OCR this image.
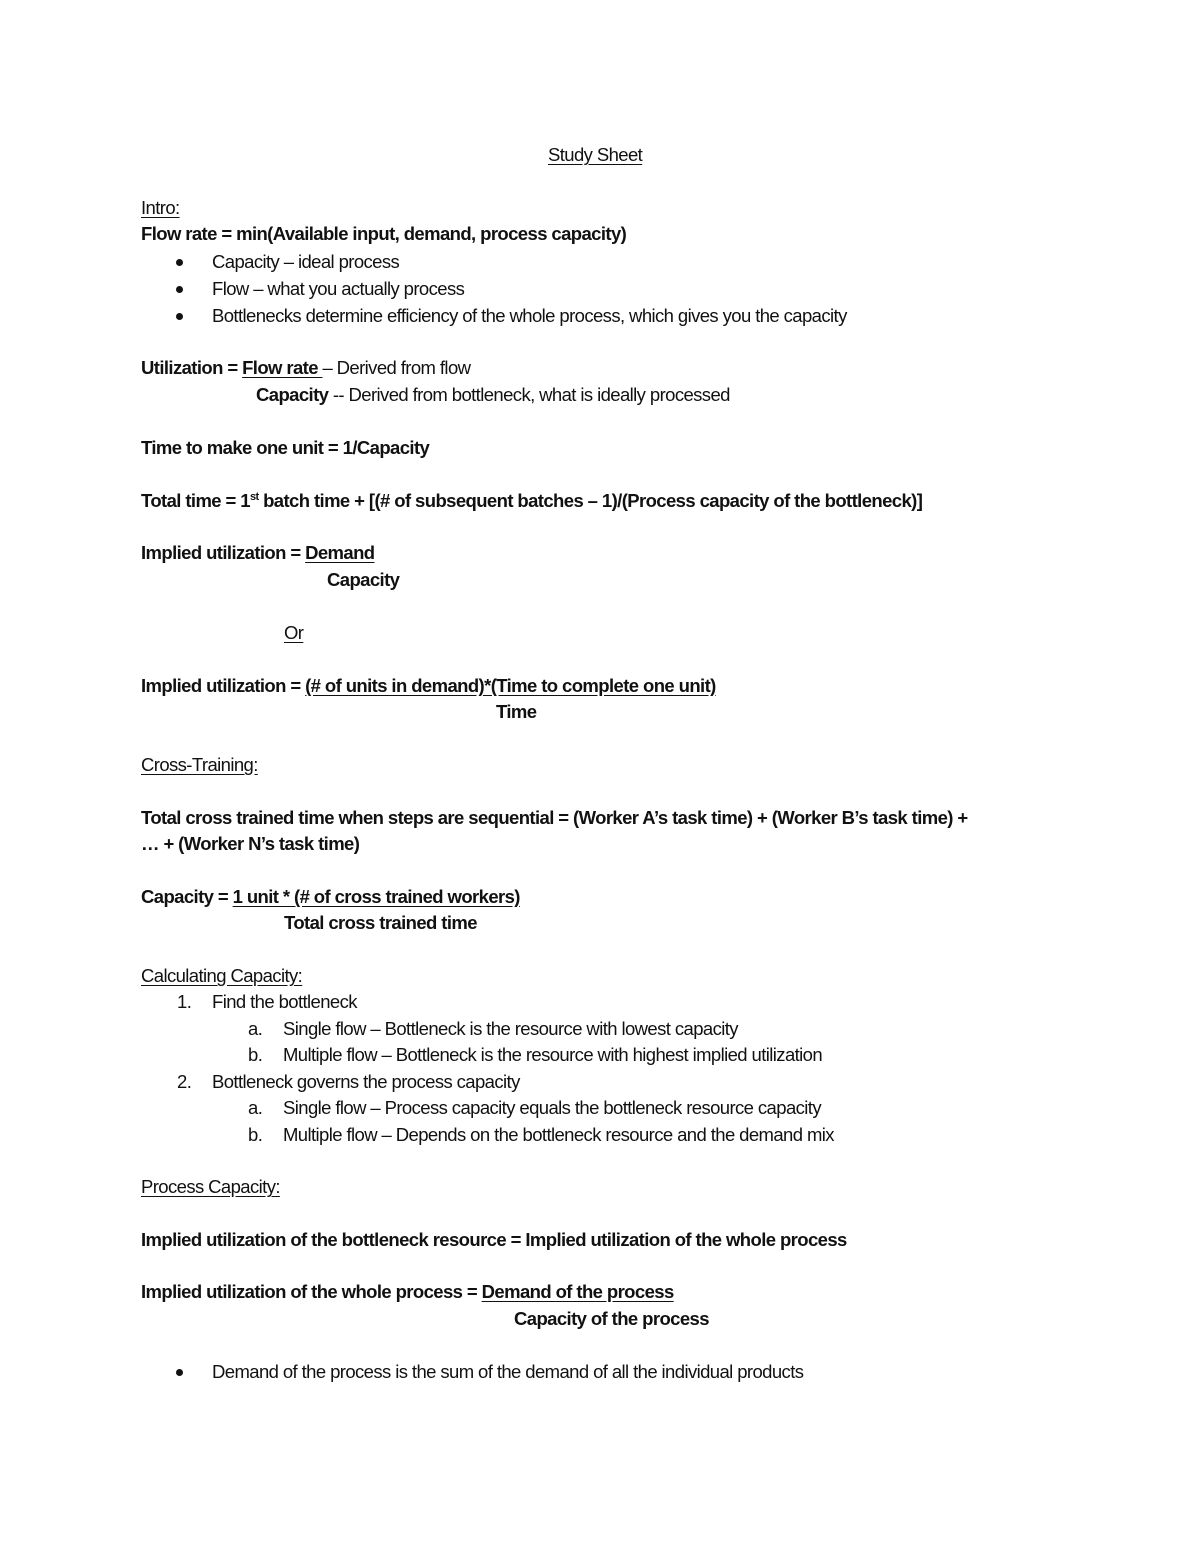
Study Sheet
Intro:
Flow rate = min(Available input, demand, process capacity)
Capacity – ideal process
Flow – what you actually process
Bottlenecks determine efficiency of the whole process, which gives you the capacity
Utilization = Flow rate – Derived from flow
Capacity -- Derived from bottleneck, what is ideally processed
Time to make one unit = 1/Capacity
Total time = 1st batch time + [(# of subsequent batches – 1)/(Process capacity of the bottleneck)]
Implied utilization = Demand
Capacity
Or
Implied utilization = (# of units in demand)*(Time to complete one unit)
Time
Cross-Training:
Total cross trained time when steps are sequential = (Worker A’s task time) + (Worker B’s task time) +
… + (Worker N’s task time)
Capacity = 1 unit * (# of cross trained workers)
Total cross trained time
Calculating Capacity:
1. Find the bottleneck
a. Single flow – Bottleneck is the resource with lowest capacity
b. Multiple flow – Bottleneck is the resource with highest implied utilization
2. Bottleneck governs the process capacity
a. Single flow – Process capacity equals the bottleneck resource capacity
b. Multiple flow – Depends on the bottleneck resource and the demand mix
Process Capacity:
Implied utilization of the bottleneck resource = Implied utilization of the whole process
Implied utilization of the whole process = Demand of the process
Capacity of the process
Demand of the process is the sum of the demand of all the individual products
